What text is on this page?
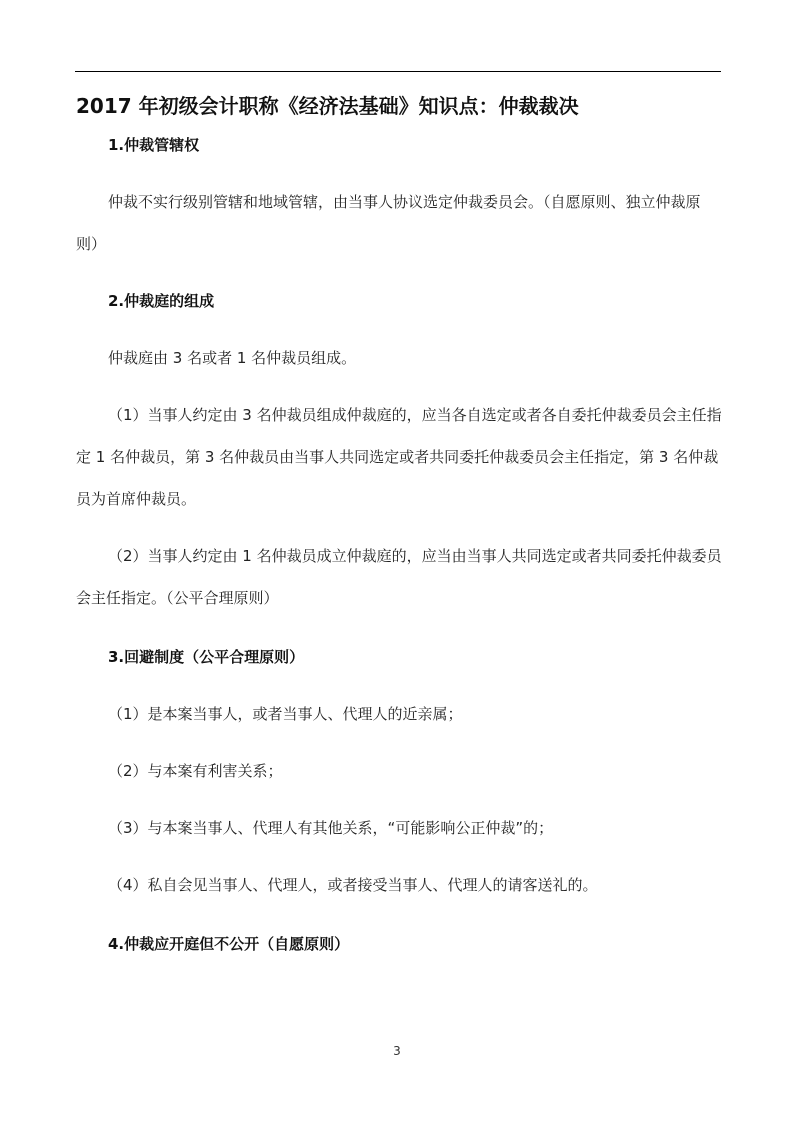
2017 年初级会计职称《经济法基础》知识点：仲裁裁决
1.仲裁管辖权

仲裁不实行级别管辖和地域管辖，由当事人协议选定仲裁委员会。（自愿原则、独立仲裁原则）

2.仲裁庭的组成

仲裁庭由 3 名或者 1 名仲裁员组成。

（1）当事人约定由 3 名仲裁员组成仲裁庭的，应当各自选定或者各自委托仲裁委员会主任指定 1 名仲裁员，第 3 名仲裁员由当事人共同选定或者共同委托仲裁委员会主任指定，第 3 名仲裁员为首席仲裁员。

（2）当事人约定由 1 名仲裁员成立仲裁庭的，应当由当事人共同选定或者共同委托仲裁委员会主任指定。（公平合理原则）

3.回避制度（公平合理原则）

（1）是本案当事人，或者当事人、代理人的近亲属；

（2）与本案有利害关系；

（3）与本案当事人、代理人有其他关系，“可能影响公正仲裁”的；

（4）私自会见当事人、代理人，或者接受当事人、代理人的请客送礼的。

4.仲裁应开庭但不公开（自愿原则）
3
